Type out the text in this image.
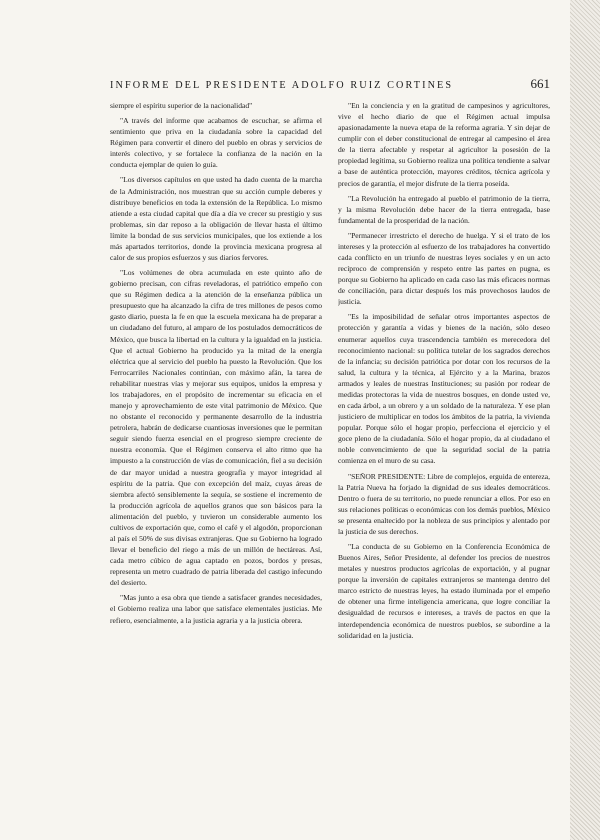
INFORME DEL PRESIDENTE ADOLFO RUIZ CORTINES	661

siempre el espíritu superior de la nacionalidad"

"A través del informe que acabamos de escuchar, se afirma el sentimiento que priva en la ciudadanía sobre la capacidad del Régimen para convertir el dinero del pueblo en obras y servicios de interés colectivo, y se fortalece la confianza de la nación en la conducta ejemplar de quien lo guía.

"Los diversos capítulos en que usted ha dado cuenta de la marcha de la Administración, nos muestran que su acción cumple deberes y distribuye beneficios en toda la extensión de la República. Lo mismo atiende a esta ciudad capital que día a día ve crecer su prestigio y sus problemas, sin dar reposo a la obligación de llevar hasta el último límite la bondad de sus servicios municipales, que los extiende a los más apartados territorios, donde la provincia mexicana progresa al calor de sus propios esfuerzos y sus diarios fervores.

"Los volúmenes de obra acumulada en este quinto año de gobierno precisan, con cifras reveladoras, el patriótico empeño con que su Régimen dedica a la atención de la enseñanza pública un presupuesto que ha alcanzado la cifra de tres millones de pesos como gasto diario, puesta la fe en que la escuela mexicana ha de preparar a un ciudadano del futuro, al amparo de los postulados democráticos de México, que busca la libertad en la cultura y la igualdad en la justicia. Que el actual Gobierno ha producido ya la mitad de la energía eléctrica que al servicio del pueblo ha puesto la Revolución. Que los Ferrocarriles Nacionales continúan, con máximo afán, la tarea de rehabilitar nuestras vías y mejorar sus equipos, unidos la empresa y los trabajadores, en el propósito de incrementar su eficacia en el manejo y aprovechamiento de este vital patrimonio de México. Que no obstante el reconocido y permanente desarrollo de la industria petrolera, habrán de dedicarse cuantiosas inversiones que le permitan seguir siendo fuerza esencial en el progreso siempre creciente de nuestra economía. Que el Régimen conserva el alto ritmo que ha impuesto a la construcción de vías de comunicación, fiel a su decisión de dar mayor unidad a nuestra geografía y mayor integridad al espíritu de la patria. Que con excepción del maíz, cuyas áreas de siembra afectó sensiblemente la sequía, se sostiene el incremento de la producción agrícola de aquellos granos que son básicos para la alimentación del pueblo, y tuvieron un considerable aumento los cultivos de exportación que, como el café y el algodón, proporcionan al país el 50% de sus divisas extranjeras. Que su Gobierno ha logrado llevar el beneficio del riego a más de un millón de hectáreas. Así, cada metro cúbico de agua captado en pozos, bordos y presas, representa un metro cuadrado de patria liberada del castigo infecundo del desierto.

"Mas junto a esa obra que tiende a satisfacer grandes necesidades, el Gobierno realiza una labor que satisface elementales justicias. Me refiero, esencialmente, a la justicia agraria y a la justicia obrera.

"En la conciencia y en la gratitud de campesinos y agricultores, vive el hecho diario de que el Régimen actual impulsa apasionadamente la nueva etapa de la reforma agraria. Y sin dejar de cumplir con el deber constitucional de entregar al campesino el área de la tierra afectable y respetar al agricultor la posesión de la propiedad legítima, su Gobierno realiza una política tendiente a salvar a base de auténtica protección, mayores créditos, técnica agrícola y precios de garantía, el mejor disfrute de la tierra poseída.

"La Revolución ha entregado al pueblo el patrimonio de la tierra, y la misma Revolución debe hacer de la tierra entregada, base fundamental de la prosperidad de la nación.

"Permanecer irrestricto el derecho de huelga. Y si el trato de los intereses y la protección al esfuerzo de los trabajadores ha convertido cada conflicto en un triunfo de nuestras leyes sociales y en un acto recíproco de comprensión y respeto entre las partes en pugna, es porque su Gobierno ha aplicado en cada caso las más eficaces normas de conciliación, para dictar después los más provechosos laudos de justicia.

"Es la imposibilidad de señalar otros importantes aspectos de protección y garantía a vidas y bienes de la nación, sólo deseo enumerar aquellos cuya trascendencia también es merecedora del reconocimiento nacional: su política tutelar de los sagrados derechos de la infancia; su decisión patriótica por dotar con los recursos de la salud, la cultura y la técnica, al Ejército y a la Marina, brazos armados y leales de nuestras Instituciones; su pasión por rodear de medidas protectoras la vida de nuestros bosques, en donde usted ve, en cada árbol, a un obrero y a un soldado de la naturaleza. Y ese plan justiciero de multiplicar en todos los ámbitos de la patria, la vivienda popular. Porque sólo el hogar propio, perfecciona el ejercicio y el goce pleno de la ciudadanía. Sólo el hogar propio, da al ciudadano el noble convencimiento de que la seguridad social de la patria comienza en el muro de su casa.

"SEÑOR PRESIDENTE: Libre de complejos, erguida de entereza, la Patria Nueva ha forjado la dignidad de sus ideales democráticos. Dentro o fuera de su territorio, no puede renunciar a ellos. Por eso en sus relaciones políticas o económicas con los demás pueblos, México se presenta enaltecido por la nobleza de sus principios y alentado por la justicia de sus derechos.

"La conducta de su Gobierno en la Conferencia Económica de Buenos Aires, Señor Presidente, al defender los precios de nuestros metales y nuestros productos agrícolas de exportación, y al pugnar porque la inversión de capitales extranjeros se mantenga dentro del marco estricto de nuestras leyes, ha estado iluminada por el empeño de obtener una firme inteligencia americana, que logre conciliar la desigualdad de recursos e intereses, a través de pactos en que la interdependencia económica de nuestros pueblos, se subordine a la solidaridad en la justicia.
